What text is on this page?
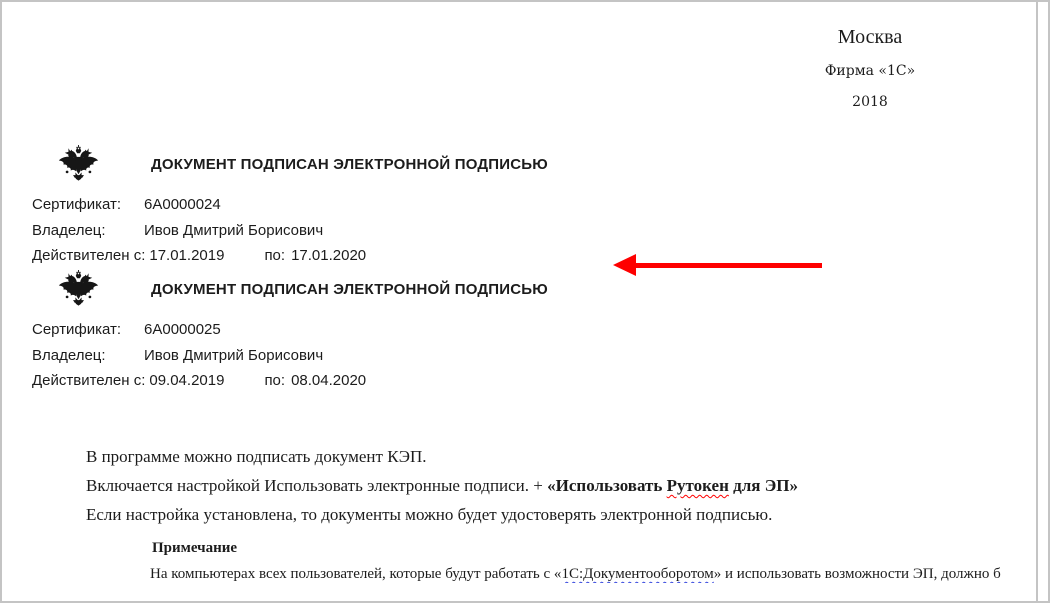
Москва
Фирма «1С»
2018
ДОКУМЕНТ ПОДПИСАН ЭЛЕКТРОННОЙ ПОДПИСЬЮ
Сертификат: 6А0000024
Владелец:	Ивов Дмитрий Борисович
Действителен с: 17.01.2019	по: 17.01.2020
ДОКУМЕНТ ПОДПИСАН ЭЛЕКТРОННОЙ ПОДПИСЬЮ
Сертификат: 6А0000025
Владелец:	Ивов Дмитрий Борисович
Действителен с: 09.04.2019	по: 08.04.2020
В программе можно подписать документ КЭП.
Включается настройкой Использовать электронные подписи. + «Использовать Рутокен для ЭП»
Если настройка установлена, то документы можно будет удостоверять электронной подписью.
Примечание
На компьютерах всех пользователей, которые будут работать с «1С:Документооборотом» и использовать возможности ЭП, должно б
